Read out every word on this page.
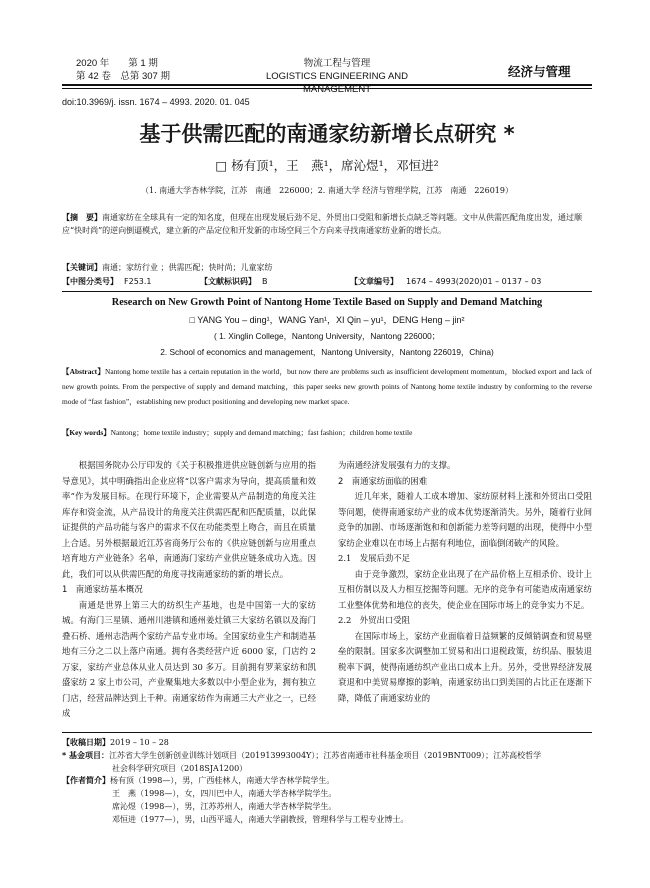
2020 年　　第 1 期
第 42 卷　总第 307 期
物流工程与管理
LOGISTICS ENGINEERING AND MANAGEMENT
经济与管理
doi:10.3969/j. issn. 1674 – 4993. 2020. 01. 045
基于供需匹配的南通家纺新增长点研究 *
□ 杨有顶¹，王　燕¹，席沁煜¹，邓恒进²
（1. 南通大学杏林学院，江苏　南通　226000；2. 南通大学 经济与管理学院，江苏　南通　226019）
【摘　要】南通家纺在全球具有一定的知名度，但现在出现发展后劲不足、外贸出口受阻和新增长点缺乏等问题。文中从供需匹配角度出发，通过顺应“快时尚”的逆向倒逼模式，建立新的产品定位和开发新的市场空间三个方向来寻找南通家纺业新的增长点。
【关键词】南通；家纺行业 ；供需匹配；快时尚；儿童家纺
【中图分类号】 F253.1	【文献标识码】 B	【文章编号】 1674 – 4993(2020)01 – 0137 – 03
Research on New Growth Point of Nantong Home Textile Based on Supply and Demand Matching
□ YANG You – ding¹，WANG Yan¹，XI Qin – yu¹，DENG Heng – jin²
( 1. Xinglin College，Nantong University，Nantong 226000；
2. School of economics and management，Nantong University，Nantong 226019，China)
【Abstract】Nantong home textile has a certain reputation in the world，but now there are problems such as insufficient development momentum，blocked export and lack of new growth points. From the perspective of supply and demand matching，this paper seeks new growth points of Nantong home textile industry by conforming to the reverse mode of “fast fashion”，establishing new product positioning and developing new market space.
【Key words】Nantong；home textile industry；supply and demand matching；fast fashion；children home textile

根据国务院办公厅印发的《关于积极推进供应链创新与应用的指导意见》，其中明确指出企业应将“以客户需求为导向，提高质量和效率”作为发展目标。在现行环境下，企业需要从产品制造的角度关注库存和资金流，从产品设计的角度关注供需匹配和匹配质量，以此保证提供的产品功能与客户的需求不仅在功能类型上吻合，而且在质量上合适。另外根据最近江苏省商务厅公布的《供应链创新与应用重点培育地方产业链条》名单，南通海门家纺产业供应链条成功入选。因此，我们可以从供需匹配的角度寻找南通家纺的新的增长点。

1　南通家纺基本概况

南通是世界上第三大的纺织生产基地，也是中国第一大的家纺城。有海门三星镇、通州川港镇和通州姜灶镇三大家纺名镇以及海门叠石桥、通州志浩两个家纺产品专业市场。全国家纺业生产和制造基地有三分之二以上落户南通。拥有各类经营户近 6000 家，门店约 2 万家，家纺产业总体从业人员达到 30 多万。目前拥有罗莱家纺和凯盛家纺 2 家上市公司，产业聚集地大多数以中小型企业为，拥有独立门店，经营品牌达到上千种。南通家纺作为南通三大产业之一，已经成

为南通经济发展强有力的支撑。

2　南通家纺面临的困难

近几年来，随着人工成本增加、家纺原材料上涨和外贸出口受阻等问题，使得南通家纺产业的成本优势逐渐消失。另外，随着行业间竞争的加剧、市场逐渐饱和和创新能力差等问题的出现，使得中小型家纺企业难以在市场上占据有利地位，面临倒闭破产的风险。

2.1　发展后劲不足

由于竞争激烈，家纺企业出现了在产品价格上互相杀价、设计上互相仿制以及人力相互挖掘等问题。无序的竞争有可能造成南通家纺工业整体优势和地位的丧失，使企业在国际市场上的竞争实力不足。

2.2　外贸出口受阻

在国际市场上，家纺产业面临着日益频繁的反倾销调查和贸易壁垒的限制。国家多次调整加工贸易和出口退税政策，纺织品、服装退税率下调，使得南通纺织产业出口成本上升。另外，受世界经济发展衰退和中美贸易摩擦的影响，南通家纺出口到美国的占比正在逐渐下降，降低了南通家纺业的

【收稿日期】2019 – 10 – 28
* 基金项目：江苏省大学生创新创业训练计划项目（201913993004Y）；江苏省南通市社科基金项目（2019BNT009）；江苏高校哲学
社会科学研究项目（2018SJA1200）
【作者简介】杨有顶（1998—），男，广西桂林人，南通大学杏林学院学生。
王　燕（1998—），女，四川巴中人，南通大学杏林学院学生。
席沁煜（1998—），男，江苏苏州人，南通大学杏林学院学生。
邓恒进（1977—），男，山西平遥人，南通大学副教授，管理科学与工程专业博士。
